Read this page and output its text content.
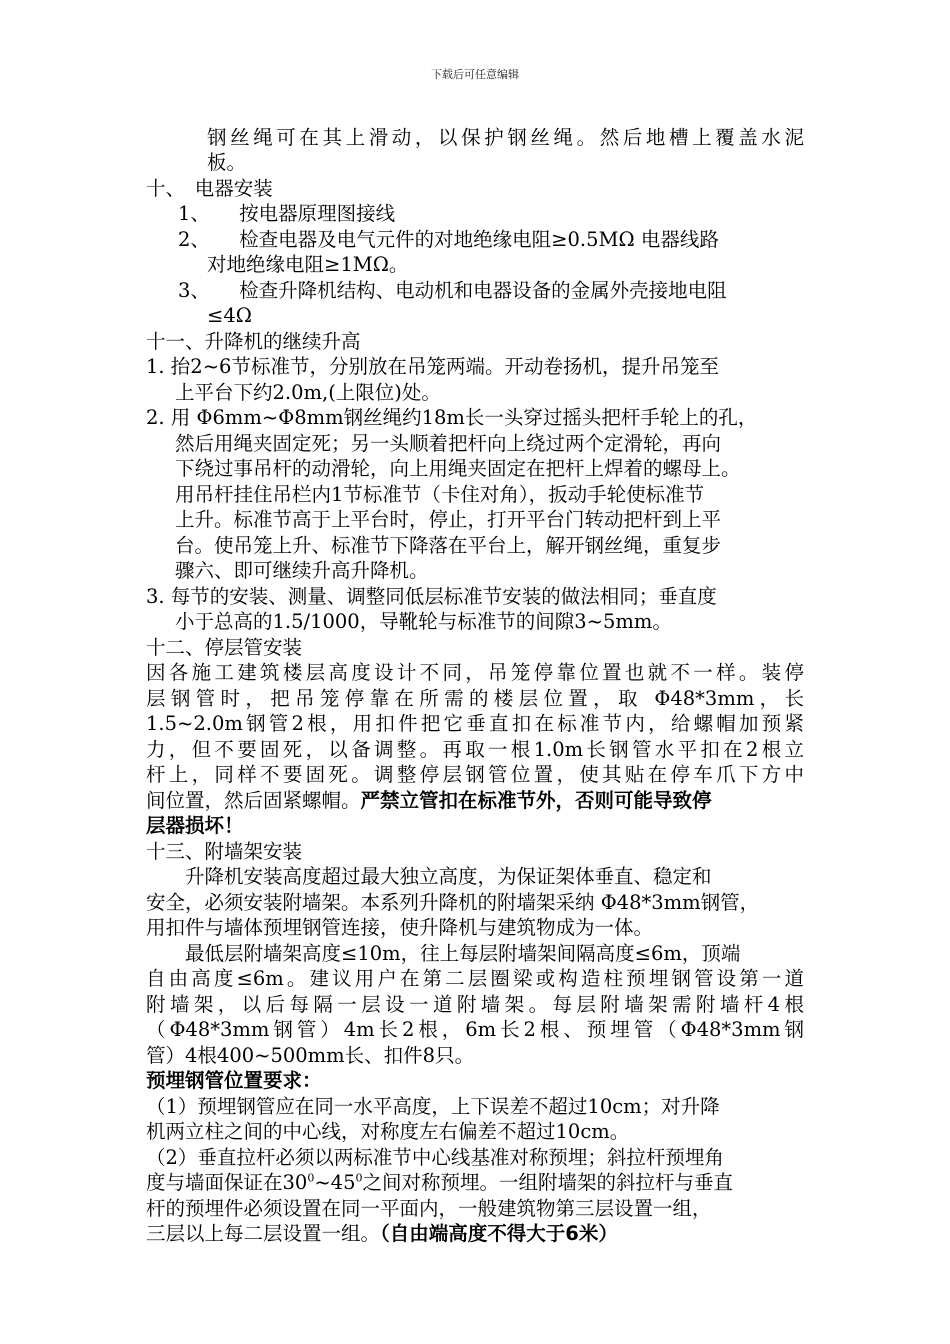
下载后可任意编辑
钢丝绳可在其上滑动，以保护钢丝绳。然后地槽上覆盖水泥
板。
十、　电器安装
1、　　按电器原理图接线
2、　　检查电器及电气元件的对地绝缘电阻≥0.5MΩ 电器线路
对地绝缘电阻≥1MΩ。
3、　　检查升降机结构、电动机和电器设备的金属外壳接地电阻
≤4Ω
十一、升降机的继续升高
1. 抬2~6节标准节，分别放在吊笼两端。开动卷扬机，提升吊笼至
上平台下约2.0m,(上限位)处。
2. 用 Φ6mm~Φ8mm钢丝绳约18m长一头穿过摇头把杆手轮上的孔，
然后用绳夹固定死；另一头顺着把杆向上绕过两个定滑轮，再向
下绕过事吊杆的动滑轮，向上用绳夹固定在把杆上焊着的螺母上。
用吊杆挂住吊栏内1节标准节（卡住对角），扳动手轮使标准节
上升。标准节高于上平台时，停止，打开平台门转动把杆到上平
台。使吊笼上升、标准节下降落在平台上，解开钢丝绳，重复步
骤六、即可继续升高升降机。
3. 每节的安装、测量、调整同低层标准节安装的做法相同；垂直度
小于总高的1.5/1000，导靴轮与标准节的间隙3~5mm。
十二、停层管安装
因各施工建筑楼层高度设计不同，吊笼停靠位置也就不一样。装停
层钢管时，把吊笼停靠在所需的楼层位置，取 Φ48*3mm，长
1.5~2.0m钢管2根，用扣件把它垂直扣在标准节内，给螺帽加预紧
力，但不要固死，以备调整。再取一根1.0m长钢管水平扣在2根立
杆上，同样不要固死。调整停层钢管位置，使其贴在停车爪下方中
间位置，然后固紧螺帽。严禁立管扣在标准节外，否则可能导致停
层器损坏！
十三、附墙架安装
　　升降机安装高度超过最大独立高度，为保证架体垂直、稳定和
安全，必须安装附墙架。本系列升降机的附墙架采纳 Φ48*3mm钢管，
用扣件与墙体预埋钢管连接，使升降机与建筑物成为一体。
　　最低层附墙架高度≤10m，往上每层附墙架间隔高度≤6m，顶端
自由高度≤6m。建议用户在第二层圈梁或构造柱预埋钢管设第一道
附墙架，以后每隔一层设一道附墙架。每层附墙架需附墙杆4根
（Φ48*3mm钢管）4m长2根，6m长2根、预埋管（Φ48*3mm钢
管）4根400~500mm长、扣件8只。
预埋钢管位置要求：
（1）预埋钢管应在同一水平高度，上下误差不超过10cm；对升降
机两立柱之间的中心线，对称度左右偏差不超过10cm。
（2）垂直拉杆必须以两标准节中心线基准对称预埋；斜拉杆预埋角
度与墙面保证在$30^0\sim 45^0$之间对称预埋。一组附墙架的斜拉杆与垂直
杆的预埋件必须设置在同一平面内，一般建筑物第三层设置一组，
三层以上每二层设置一组。（自由端高度不得大于6米）
